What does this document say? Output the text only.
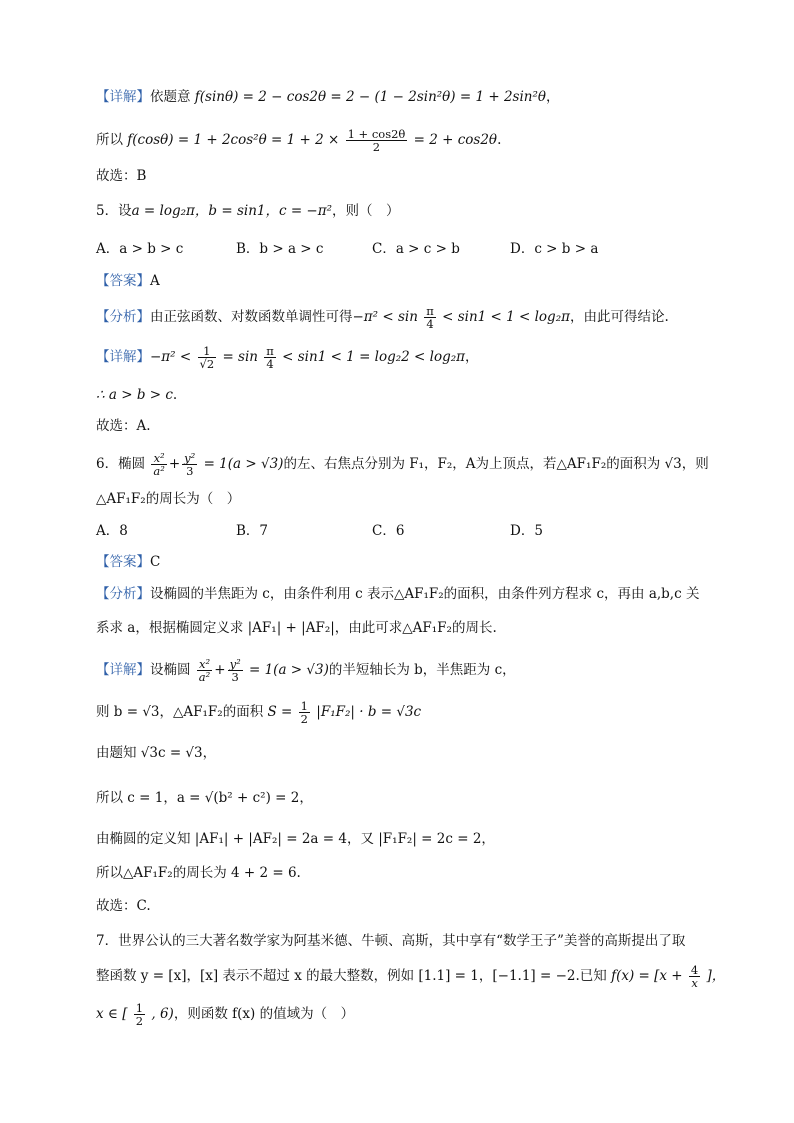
【详解】依题意 f(sinθ) = 2 − cos2θ = 2 − (1 − 2sin²θ) = 1 + 2sin²θ，
所以 $f(\cos\theta) = 1 + 2\cos^2\theta = 1 + 2 \times \frac{1 + \cos 2\theta}{2} = 2 + \cos 2\theta$.
故选：B
5．设a = log₂π，b = sin1，c = −π²，则（　）
A．a > b > c	B．b > a > c	C．a > c > b	D．c > b > a
【答案】A
【分析】由正弦函数、对数函数单调性可得$-\pi^2 < \sin \frac{\pi}{4} < \sin 1 < 1 < \log_2\pi$，由此可得结论.
【详解】$-\pi^2 < \frac{1}{√2} = \sin \frac{\pi}{4} < \sin 1 < 1 = \log_22 < \log_2\pi$，
∴ a > b > c.
故选：A.
6．椭圆 $\frac{\text{x²}}{\text{a²}} + \frac{\text{y²}}{3} = 1(a > √3)$的左、右焦点分别为 F₁，F₂，A为上顶点，若△AF₁F₂的面积为 √3，则
△AF₁F₂的周长为（　）
A．8	B．7	C．6	D．5
【答案】C
【分析】设椭圆的半焦距为 c，由条件利用 c 表示△AF₁F₂的面积，由条件列方程求 c，再由 a,b,c 关
系求 a，根据椭圆定义求 |AF₁| + |AF₂|，由此可求△AF₁F₂的周长.
【详解】设椭圆 $\frac{\text{x²}}{\text{a²}} + \frac{\text{y²}}{3} = 1(a > √3)$的半短轴长为 b，半焦距为 c，
则 b = √3，△AF₁F₂的面积 $S = \frac{1}{2} |F_1F_2| \cdot b = √3c$
由题知 √3c = √3，
所以 c = 1，a = √(b² + c²) = 2，
由椭圆的定义知 |AF₁| + |AF₂| = 2a = 4，又 |F₁F₂| = 2c = 2，
所以△AF₁F₂的周长为 4 + 2 = 6.
故选：C.
7．世界公认的三大著名数学家为阿基米德、牛顿、高斯，其中享有“数学王子”美誉的高斯提出了取
整函数 y = [x]，[x] 表示不超过 x 的最大整数，例如 [1.1] = 1，[−1.1] = −2.已知 $f(x) = [x + \frac{4}{x}$ ]，
x ∈ [ $\frac{1}{2}$ , 6)，则函数 f(x) 的值域为（　）
